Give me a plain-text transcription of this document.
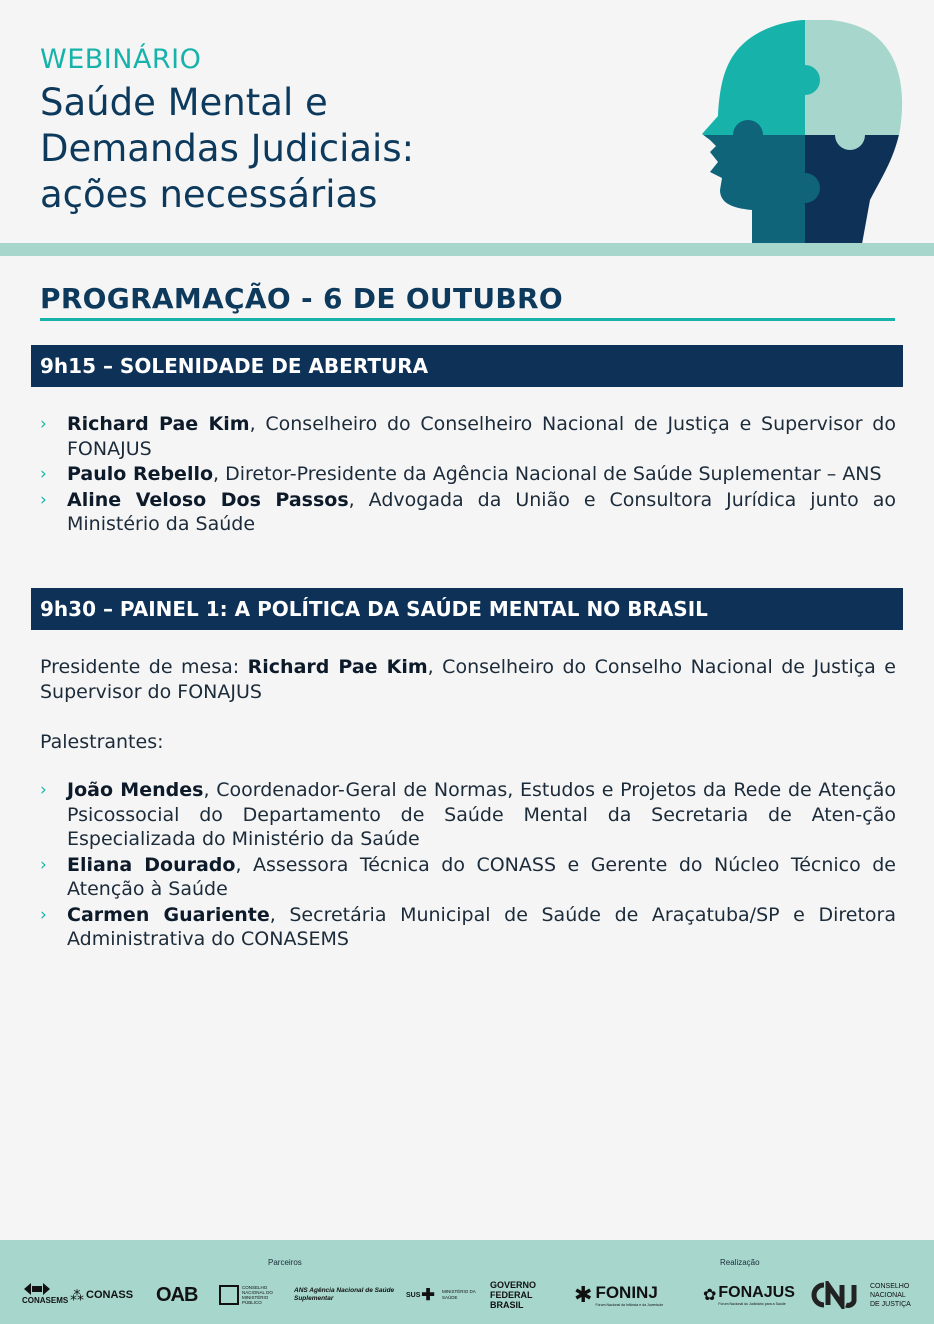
WEBINÁRIO
Saúde Mental e
Demandas Judiciais:
ações necessárias
PROGRAMAÇÃO - 6 DE OUTUBRO
9h15 – SOLENIDADE DE ABERTURA
› Richard Pae Kim, Conselheiro do Conselheiro Nacional de Justiça e Supervisor do FONAJUS
› Paulo Rebello, Diretor-Presidente da Agência Nacional de Saúde Suplementar – ANS
› Aline Veloso Dos Passos, Advogada da União e Consultora Jurídica junto ao Ministério da Saúde
9h30 – PAINEL 1: A POLÍTICA DA SAÚDE MENTAL NO BRASIL
Presidente de mesa: Richard Pae Kim, Conselheiro do Conselho Nacional de Justiça e Supervisor do FONAJUS
Palestrantes:
› João Mendes, Coordenador-Geral de Normas, Estudos e Projetos da Rede de Atenção Psicossocial do Departamento de Saúde Mental da Secretaria de Aten-ção Especializada do Ministério da Saúde
› Eliana Dourado, Assessora Técnica do CONASS e Gerente do Núcleo Técnico de Atenção à Saúde
› Carmen Guariente, Secretária Municipal de Saúde de Araçatuba/SP e Diretora Administrativa do CONASEMS
Parceiros	Realização
CONASEMS ⁂ CONASS OAB	CONSELHO NACIONAL DO MINISTÉRIO PÚBLICO
ANS Agência Nacional de Saúde Suplementar	SUS ✚ MINISTÉRIO DA SAÚDE
GOVERNO FEDERAL BRASIL	✱ FONINJ
Fórum Nacional da Infância e da Juventude
✿ FONAJUS
Fórum Nacional do Judiciário para a Saúde
CONSELHO NACIONAL DE JUSTIÇA
